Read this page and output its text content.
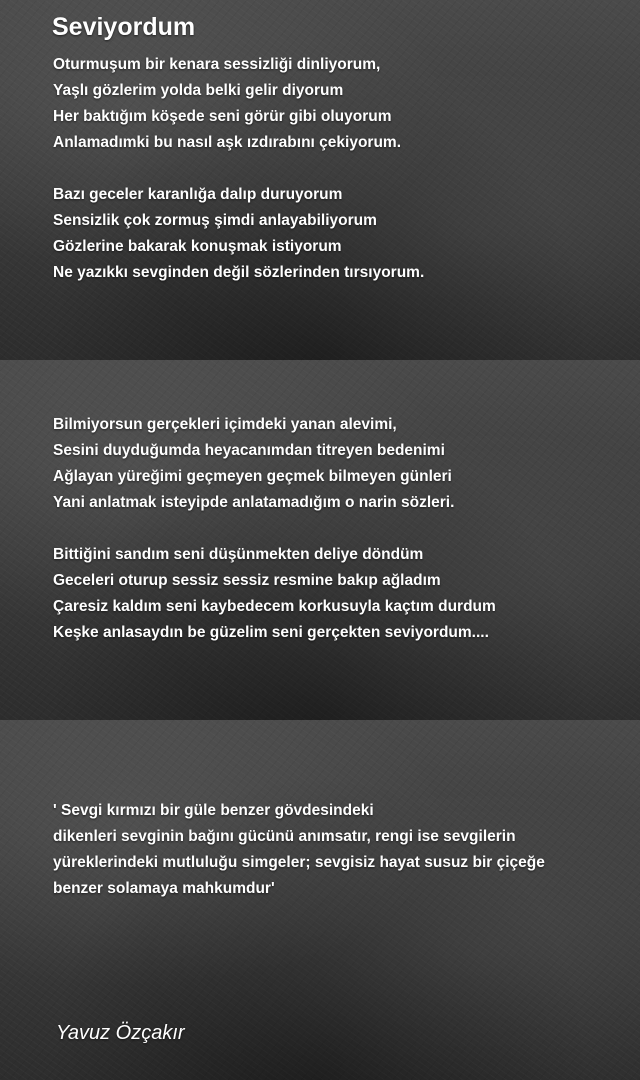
Seviyordum

Oturmuşum bir kenara sessizliği dinliyorum,
Yaşlı gözlerim yolda belki gelir diyorum
Her baktığım köşede seni görür gibi oluyorum
Anlamadımki bu nasıl aşk ızdırabını çekiyorum.

Bazı geceler karanlığa dalıp duruyorum
Sensizlik çok zormuş şimdi anlayabiliyorum
Gözlerine bakarak konuşmak istiyorum
Ne yazıkkı sevginden değil sözlerinden tırsıyorum.

Bilmiyorsun gerçekleri içimdeki yanan alevimi,
Sesini duyduğumda heyacanımdan titreyen bedenimi
Ağlayan yüreğimi geçmeyen geçmek bilmeyen günleri
Yani anlatmak isteyipde anlatamadığım o narin sözleri.

Bittiğini sandım seni düşünmekten deliye döndüm
Geceleri oturup sessiz sessiz resmine bakıp ağladım
Çaresiz kaldım seni kaybedecem korkusuyla kaçtım durdum
Keşke anlasaydın be güzelim seni gerçekten seviyordum....

' Sevgi kırmızı bir güle benzer gövdesindeki
dikenleri sevginin bağını gücünü anımsatır, rengi ise sevgilerin
yüreklerindeki mutluluğu simgeler; sevgisiz hayat susuz bir çiçeğe
benzer solamaya mahkumdur'

Yavuz Özçakır
